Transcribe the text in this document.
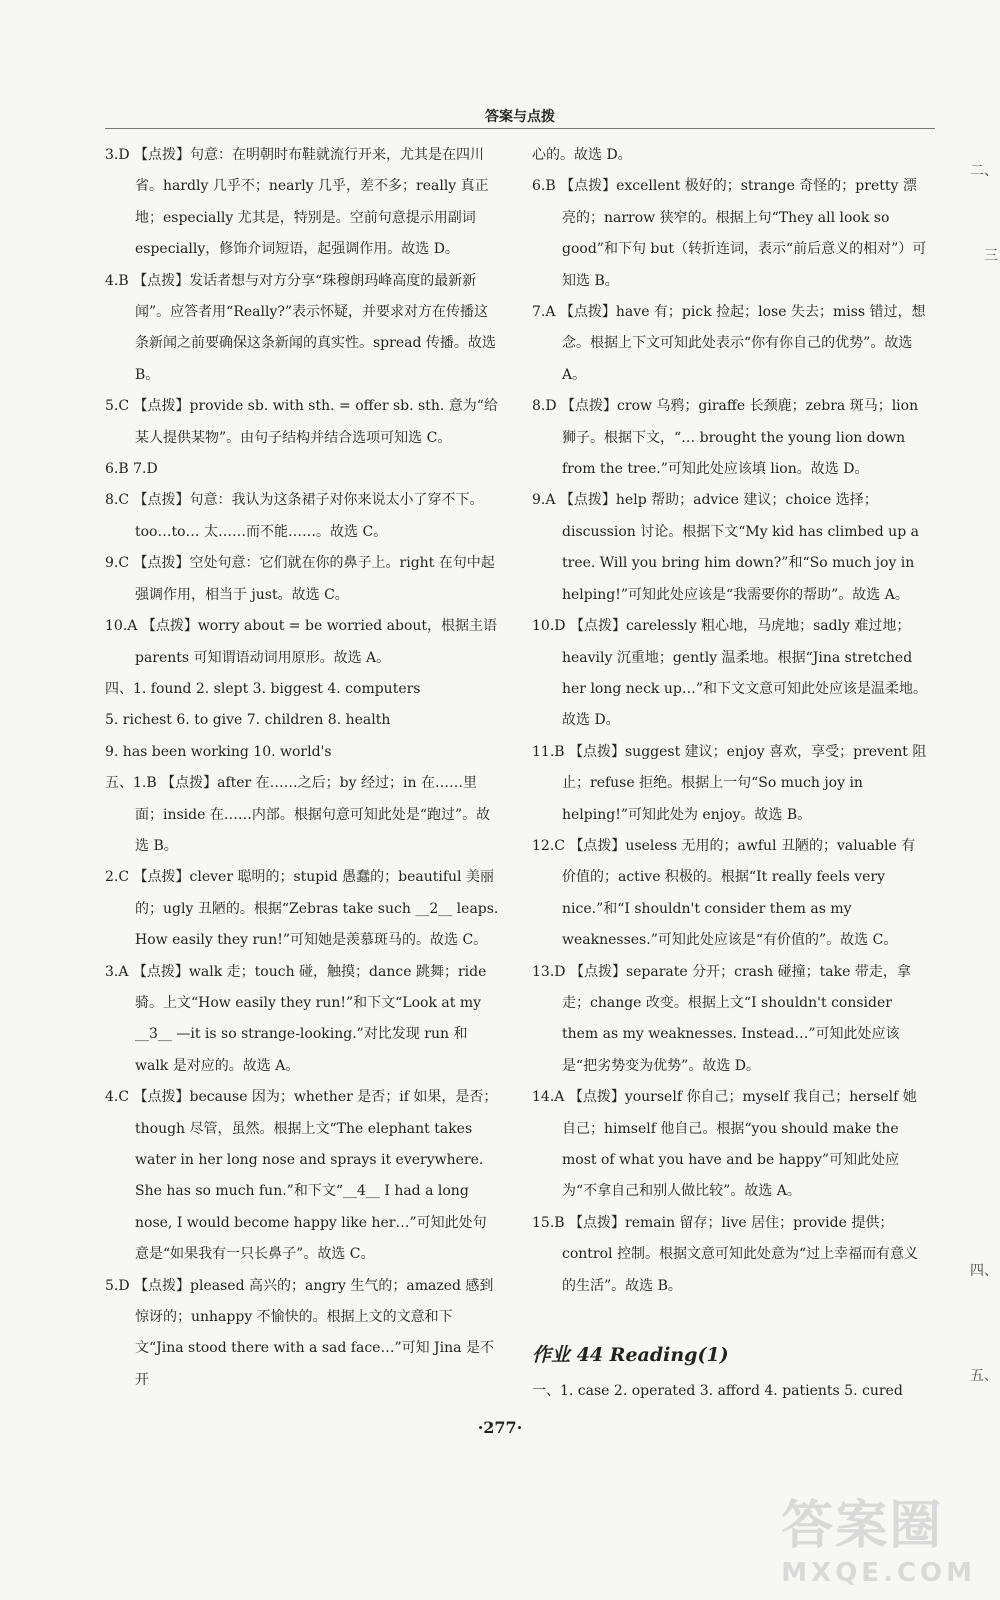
答案与点拨
3.D 【点拨】句意：在明朝时布鞋就流行开来，尤其是在四川省。hardly 几乎不；nearly 几乎，差不多；really 真正地；especially 尤其是，特别是。空前句意提示用副词 especially，修饰介词短语，起强调作用。故选 D。
4.B 【点拨】发话者想与对方分享“珠穆朗玛峰高度的最新新闻”。应答者用“Really?”表示怀疑，并要求对方在传播这条新闻之前要确保这条新闻的真实性。spread 传播。故选 B。
5.C 【点拨】provide sb. with sth. = offer sb. sth. 意为“给某人提供某物”。由句子结构并结合选项可知选 C。
6.B 7.D
8.C 【点拨】句意：我认为这条裙子对你来说太小了穿不下。too…to… 太……而不能……。故选 C。
9.C 【点拨】空处句意：它们就在你的鼻子上。right 在句中起强调作用，相当于 just。故选 C。
10.A 【点拨】worry about = be worried about，根据主语 parents 可知谓语动词用原形。故选 A。
四、1. found 2. slept 3. biggest 4. computers
5. richest 6. to give 7. children 8. health
9. has been working 10. world's
五、1.B 【点拨】after 在……之后；by 经过；in 在……里面；inside 在……内部。根据句意可知此处是“跑过”。故选 B。
2.C 【点拨】clever 聪明的；stupid 愚蠢的；beautiful 美丽的；ugly 丑陋的。根据“Zebras take such __2__ leaps. How easily they run!”可知她是羡慕斑马的。故选 C。
3.A 【点拨】walk 走；touch 碰，触摸；dance 跳舞；ride 骑。上文“How easily they run!”和下文“Look at my __3__ —it is so strange-looking.”对比发现 run 和 walk 是对应的。故选 A。
4.C 【点拨】because 因为；whether 是否；if 如果，是否；though 尽管，虽然。根据上文“The elephant takes water in her long nose and sprays it everywhere. She has so much fun.”和下文“__4__ I had a long nose, I would become happy like her…”可知此处句意是“如果我有一只长鼻子”。故选 C。
5.D 【点拨】pleased 高兴的；angry 生气的；amazed 感到惊讶的；unhappy 不愉快的。根据上文的文意和下文“Jina stood there with a sad face…”可知 Jina 是不开
心的。故选 D。
6.B 【点拨】excellent 极好的；strange 奇怪的；pretty 漂亮的；narrow 狭窄的。根据上句“They all look so good”和下句 but（转折连词，表示“前后意义的相对”）可知选 B。
7.A 【点拨】have 有；pick 捡起；lose 失去；miss 错过，想念。根据上下文可知此处表示“你有你自己的优势”。故选 A。
8.D 【点拨】crow 乌鸦；giraffe 长颈鹿；zebra 斑马；lion 狮子。根据下文，“… brought the young lion down from the tree.”可知此处应该填 lion。故选 D。
9.A 【点拨】help 帮助；advice 建议；choice 选择；discussion 讨论。根据下文“My kid has climbed up a tree. Will you bring him down?”和“So much joy in helping!”可知此处应该是“我需要你的帮助”。故选 A。
10.D 【点拨】carelessly 粗心地，马虎地；sadly 难过地；heavily 沉重地；gently 温柔地。根据“Jina stretched her long neck up…”和下文文意可知此处应该是温柔地。故选 D。
11.B 【点拨】suggest 建议；enjoy 喜欢，享受；prevent 阻止；refuse 拒绝。根据上一句“So much joy in helping!”可知此处为 enjoy。故选 B。
12.C 【点拨】useless 无用的；awful 丑陋的；valuable 有价值的；active 积极的。根据“It really feels very nice.”和“I shouldn't consider them as my weaknesses.”可知此处应该是“有价值的”。故选 C。
13.D 【点拨】separate 分开；crash 碰撞；take 带走，拿走；change 改变。根据上文“I shouldn't consider them as my weaknesses. Instead…”可知此处应该是“把劣势变为优势”。故选 D。
14.A 【点拨】yourself 你自己；myself 我自己；herself 她自己；himself 他自己。根据“you should make the most of what you have and be happy”可知此处应为“不拿自己和别人做比较”。故选 A。
15.B 【点拨】remain 留存；live 居住；provide 提供；control 控制。根据文意可知此处意为“过上幸福而有意义的生活”。故选 B。
作业 44 Reading(1)
一、1. case 2. operated 3. afford 4. patients 5. cured
·277·
二、
三
四、
五、
答案圈
MXQE.COM
